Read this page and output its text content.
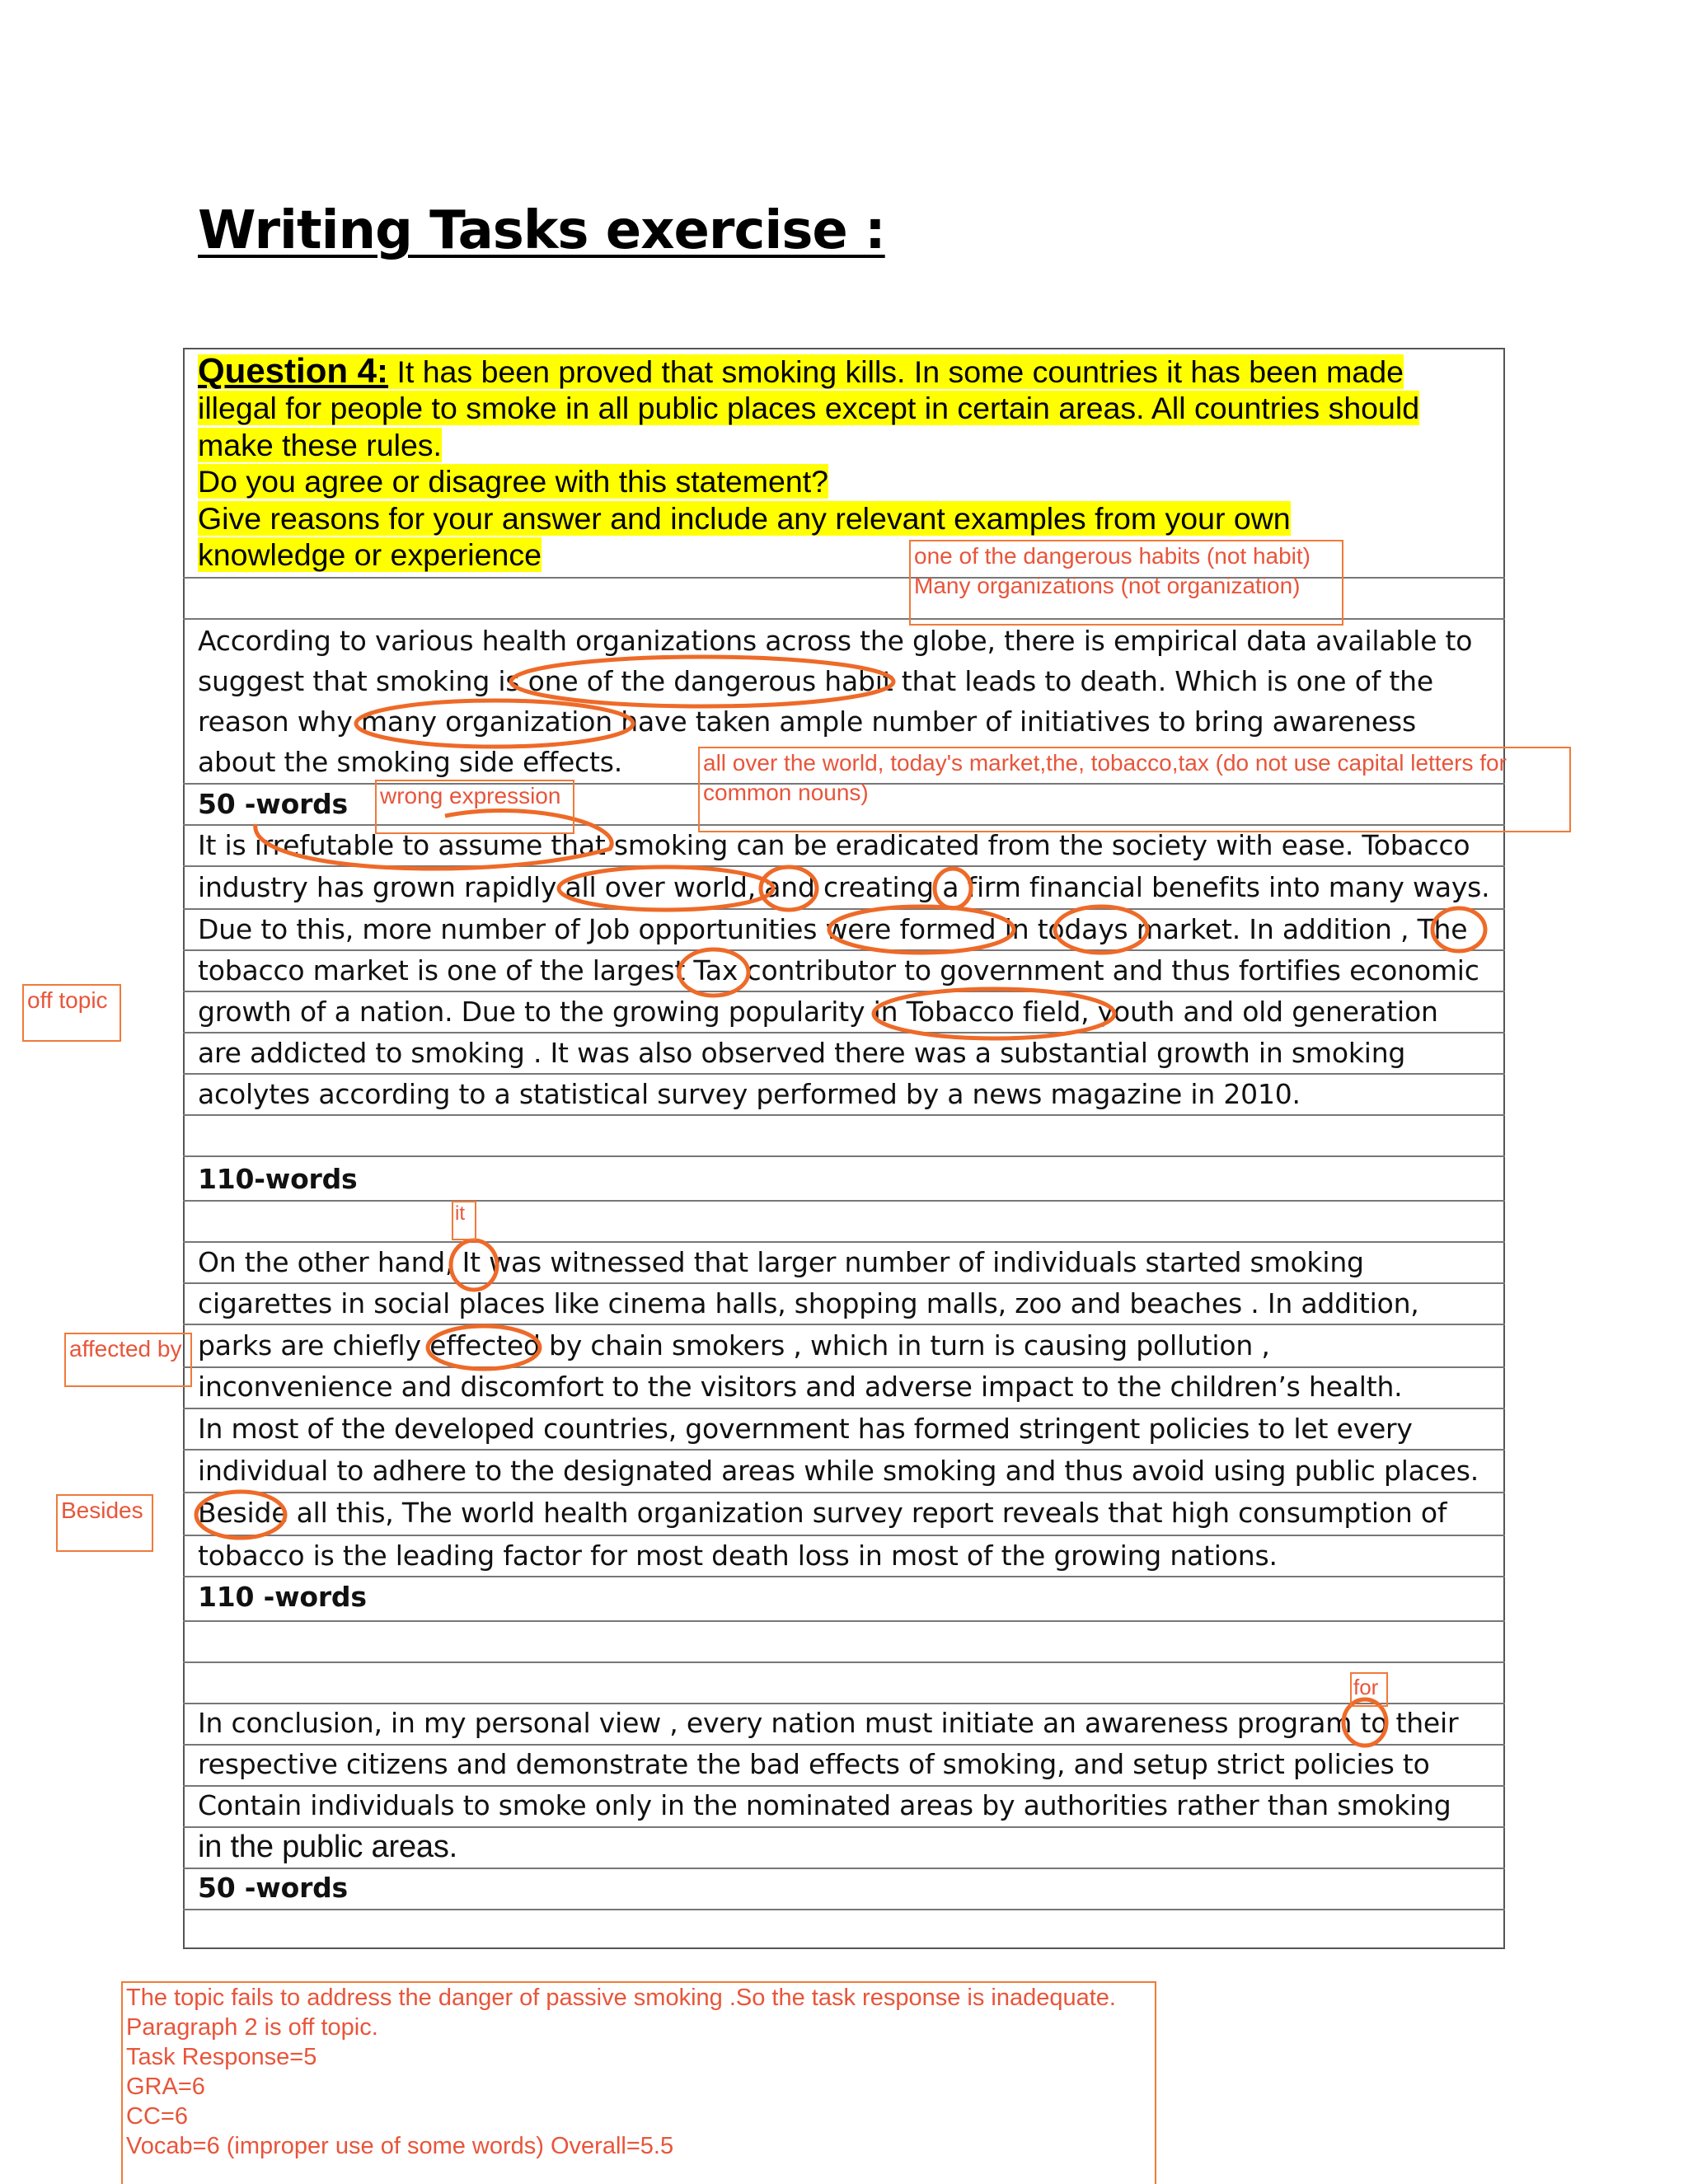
Writing Tasks exercise :
Question 4: It has been proved that smoking kills. In some countries it has been made
illegal for people to smoke in all public places except in certain areas. All countries should
make these rules.
Do you agree or disagree with this statement?
Give reasons for your answer and include any relevant examples from your own
knowledge or experience
According to various health organizations across the globe, there is empirical data available to
suggest that smoking is one of the dangerous habit that leads to death. Which is one of the
reason why many organization have taken ample number of initiatives to bring awareness
about the smoking side effects.
50 -words
It is irrefutable to assume that smoking can be eradicated from the society with ease. Tobacco
industry has grown rapidly all over world, and creating a firm financial benefits into many ways.
Due to this, more number of Job opportunities were formed in todays market. In addition , The
tobacco market is one of the largest Tax contributor to government and thus fortifies economic
growth of a nation. Due to the growing popularity in Tobacco field, youth and old generation
are addicted to smoking . It was also observed there was a substantial growth in smoking
acolytes according to a statistical survey performed by a news magazine in 2010.
110-words
On the other hand, It was witnessed that larger number of individuals started smoking
cigarettes in social places like cinema halls, shopping malls, zoo and beaches . In addition,
parks are chiefly effected by chain smokers , which in turn is causing pollution ,
inconvenience and discomfort to the visitors and adverse impact to the children’s health.
In most of the developed countries, government has formed stringent policies to let every
individual to adhere to the designated areas while smoking and thus avoid using public places.
Beside all this, The world health organization survey report reveals that high consumption of
tobacco is the leading factor for most death loss in most of the growing nations.
110 -words
In conclusion, in my personal view , every nation must initiate an awareness program to their
respective citizens and demonstrate the bad effects of smoking, and setup strict policies to
Contain individuals to smoke only in the nominated areas by authorities rather than smoking
in the public areas.
50 -words
one of the dangerous habits (not habit)
Many organizations (not organization)
all over the world, today's market,the, tobacco,tax (do not use capital letters for
common nouns)
wrong expression
off topic
it
affected by
Besides
for
The topic fails to address the danger of passive smoking .So the task response is inadequate.
Paragraph 2 is off topic.
Task Response=5
GRA=6
CC=6
Vocab=6 (improper use of some words) Overall=5.5
